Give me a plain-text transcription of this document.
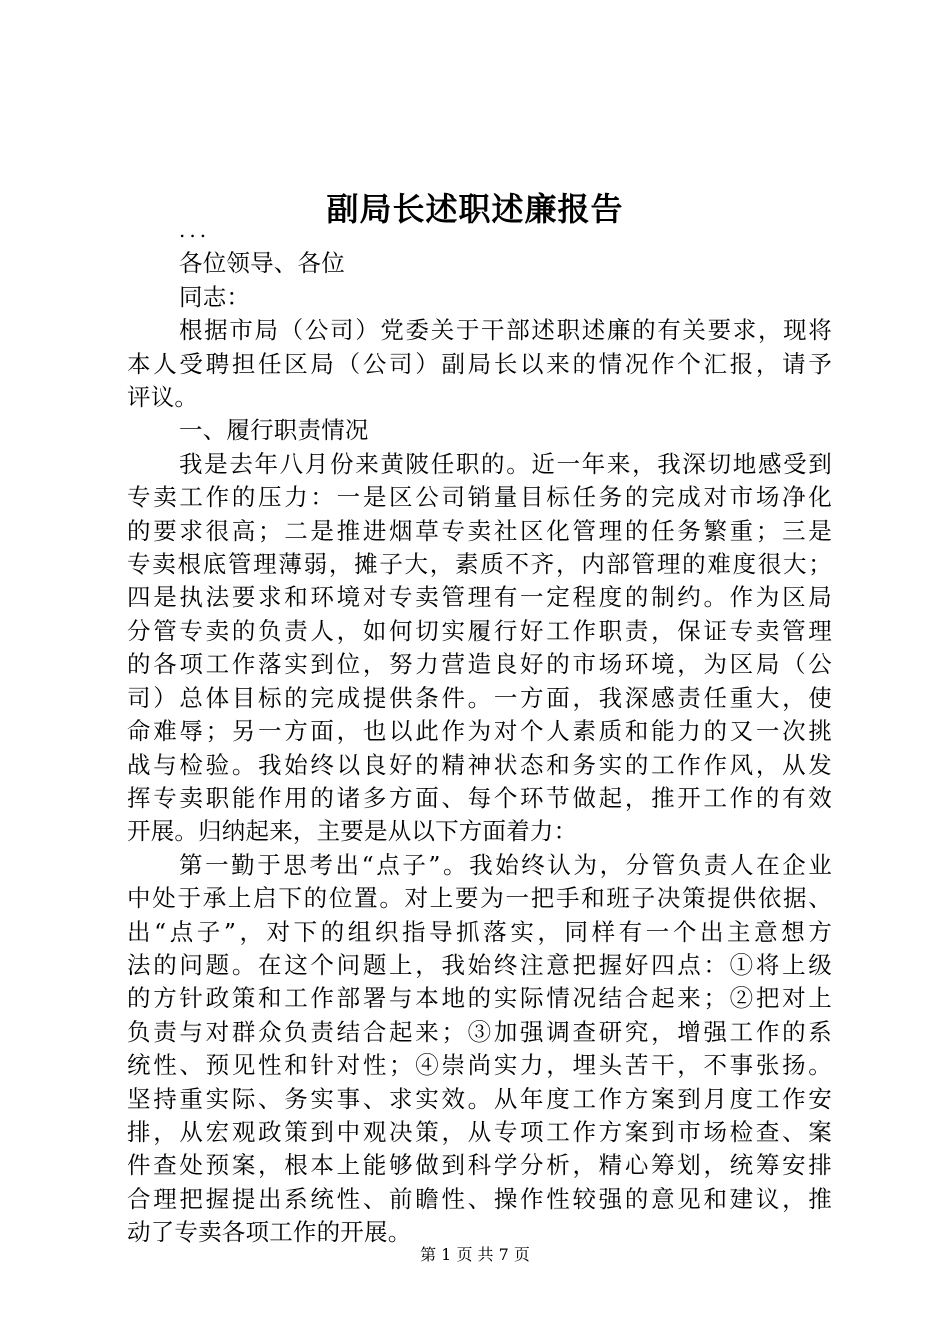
副局长述职述廉报告
...
各位领导、各位
同志：
根据市局（公司）党委关于干部述职述廉的有关要求，现将
本人受聘担任区局（公司）副局长以来的情况作个汇报，请予
评议。
一、履行职责情况
我是去年八月份来黄陂任职的。近一年来，我深切地感受到
专卖工作的压力：一是区公司销量目标任务的完成对市场净化
的要求很高；二是推进烟草专卖社区化管理的任务繁重；三是
专卖根底管理薄弱，摊子大，素质不齐，内部管理的难度很大；
四是执法要求和环境对专卖管理有一定程度的制约。作为区局
分管专卖的负责人，如何切实履行好工作职责，保证专卖管理
的各项工作落实到位，努力营造良好的市场环境，为区局（公
司）总体目标的完成提供条件。一方面，我深感责任重大，使
命难辱；另一方面，也以此作为对个人素质和能力的又一次挑
战与检验。我始终以良好的精神状态和务实的工作作风，从发
挥专卖职能作用的诸多方面、每个环节做起，推开工作的有效
开展。归纳起来，主要是从以下方面着力：
第一勤于思考出“点子”。我始终认为，分管负责人在企业
中处于承上启下的位置。对上要为一把手和班子决策提供依据、
出“点子”，对下的组织指导抓落实，同样有一个出主意想方
法的问题。在这个问题上，我始终注意把握好四点：①将上级
的方针政策和工作部署与本地的实际情况结合起来；②把对上
负责与对群众负责结合起来；③加强调查研究，增强工作的系
统性、预见性和针对性；④崇尚实力，埋头苦干，不事张扬。
坚持重实际、务实事、求实效。从年度工作方案到月度工作安
排，从宏观政策到中观决策，从专项工作方案到市场检查、案
件查处预案，根本上能够做到科学分析，精心筹划，统筹安排
合理把握提出系统性、前瞻性、操作性较强的意见和建议，推
动了专卖各项工作的开展。
第 1 页 共 7 页
